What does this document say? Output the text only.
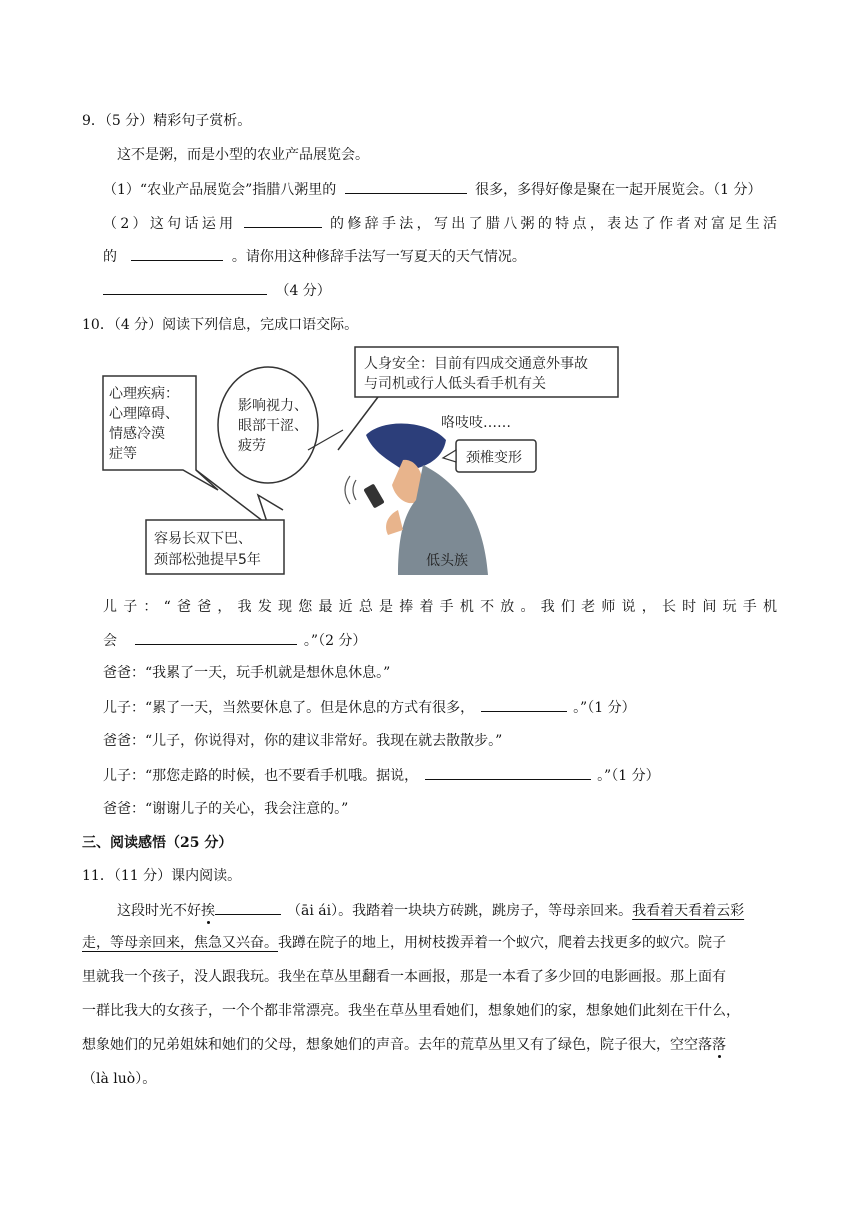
9．（5 分）精彩句子赏析。
这不是粥，而是小型的农业产品展览会。
（1）“农业产品展览会”指腊八粥里的	很多，多得好像是聚在一起开展览会。（1 分）
（2）这句话运用	的修辞手法，写出了腊八粥的特点，表达了作者对富足生活
的	。请你用这种修辞手法写一写夏天的天气情况。
（4 分）
10．（4 分）阅读下列信息，完成口语交际。
人身安全：目前有四成交通意外事故
与司机或行人低头看手机有关
心理疾病：
心理障碍、
情感冷漠
症等
影响视力、
眼部干涩、
疲劳
咯吱吱……
颈椎变形
低头族
容易长双下巴、
颈部松弛提早5年
儿子：“爸爸，我发现您最近总是捧着手机不放。我们老师说，长时间玩手机
会	。”（2 分）
爸爸：“我累了一天，玩手机就是想休息休息。”
儿子：“累了一天，当然要休息了。但是休息的方式有很多，	。”（1 分）
爸爸：“儿子，你说得对，你的建议非常好。我现在就去散散步。”
儿子：“那您走路的时候，也不要看手机哦。据说，	。”（1 分）
爸爸：“谢谢儿子的关心，我会注意的。”
三、阅读感悟（25 分）
11．（11 分）课内阅读。
这段时光不好挨	（āi ái）。我踏着一块块方砖跳，跳房子，等母亲回来。我看着天看着云彩
走，等母亲回来，焦急又兴奋。我蹲在院子的地上，用树枝拨弄着一个蚁穴，爬着去找更多的蚁穴。院子
里就我一个孩子，没人跟我玩。我坐在草丛里翻看一本画报，那是一本看了多少回的电影画报。那上面有
一群比我大的女孩子，一个个都非常漂亮。我坐在草丛里看她们，想象她们的家，想象她们此刻在干什么，
想象她们的兄弟姐妹和她们的父母，想象她们的声音。去年的荒草丛里又有了绿色，院子很大，空空落落
（là luò）。
